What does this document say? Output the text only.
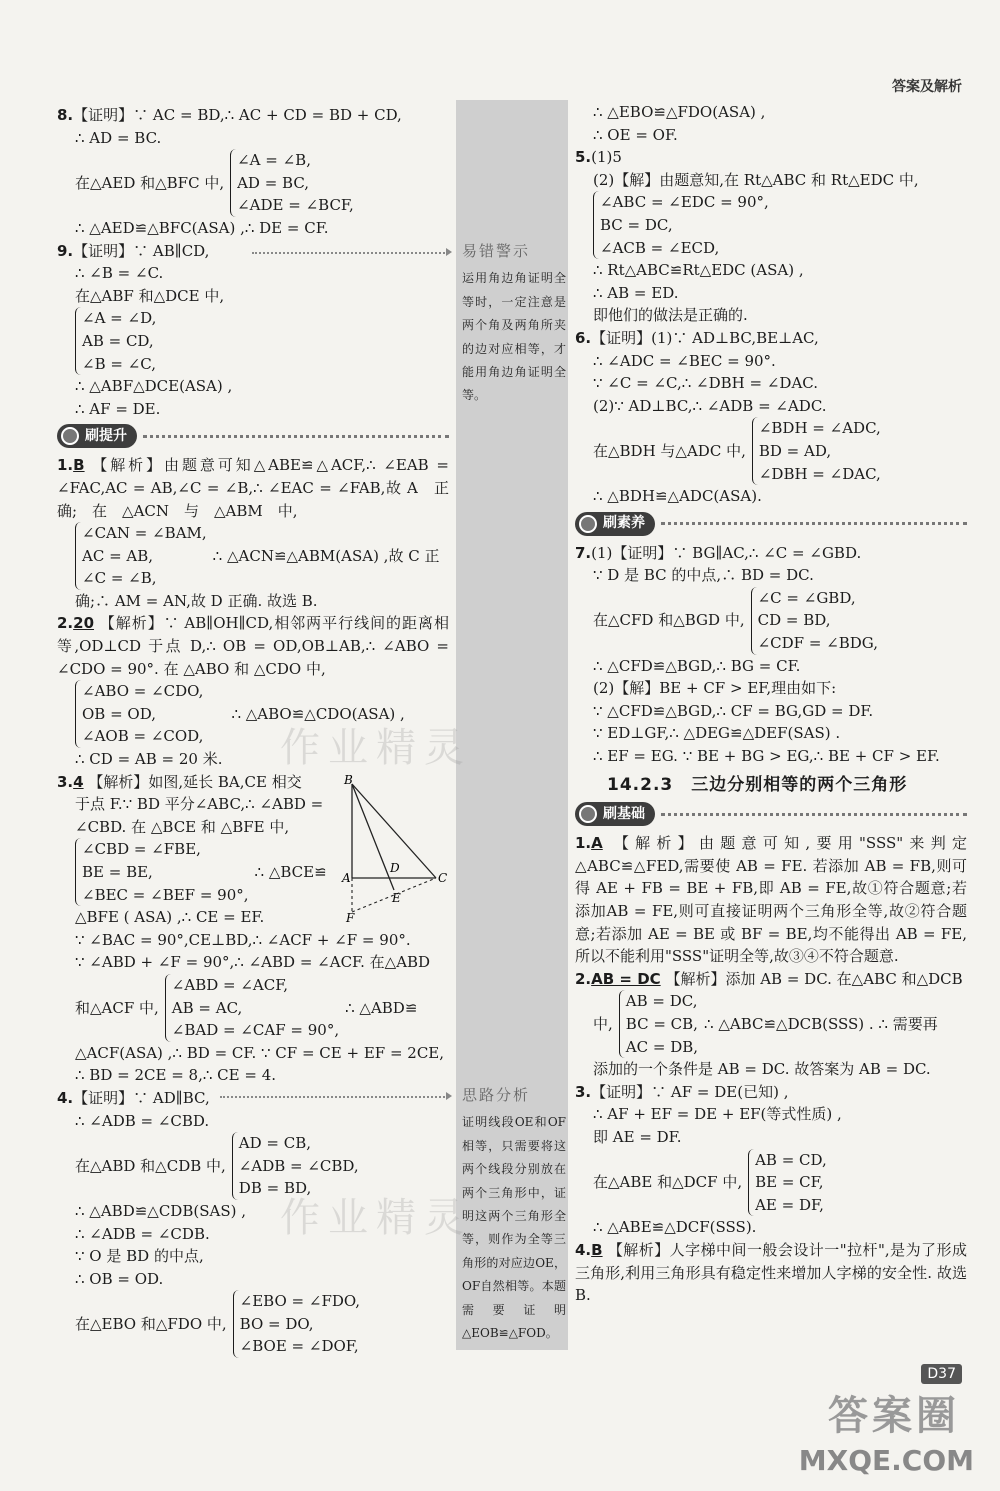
答案及解析
易错警示
运用角边角证明全等时，一定注意是两个角及两角所夹的边对应相等，才能用角边角证明全等。
思路分析
证明线段OE和OF相等，只需要将这两个线段分别放在两个三角形中，证明这两个三角形全等，则作为全等三角形的对应边OE，OF自然相等。本题需要证明△EOB≌△FOD。
B
A
D
C
E
F
8.【证明】∵ AC = BD,∴ AC + CD = BD + CD,
∴ AD = BC.
在△AED 和△BFC 中,
∠A = ∠B,
AD = BC,
∠ADE = ∠BCF,
∴ △AED≌△BFC(ASA) ,∴ DE = CF.
9.【证明】∵ AB∥CD,
∴ ∠B = ∠C.
在△ABF 和△DCE 中,
∠A = ∠D,
AB = CD,
∠B = ∠C,
∴ △ABF△DCE(ASA) ,
∴ AF = DE.
刷提升
1.B 【解析】由题意可知△ABE≌△ACF,∴ ∠EAB = ∠FAC,AC = AB,∠C = ∠B,∴ ∠EAC = ∠FAB,故 A　正　确;　在　△ACN　与　△ABM　中,
∠CAN = ∠BAM,
AC = AB,
∠C = ∠B,
∴ △ACN≌△ABM(ASA) ,故 C 正
确;∴ AM = AN,故 D 正确. 故选 B.
2.20 【解析】∵ AB∥OH∥CD,相邻两平行线间的距离相等,OD⊥CD 于点 D,∴ OB = OD,OB⊥AB,∴ ∠ABO = ∠CDO = 90°. 在 △ABO 和 △CDO 中,
∠ABO = ∠CDO,
OB = OD,
∠AOB = ∠COD,
∴ △ABO≌△CDO(ASA) ,
∴ CD = AB = 20 米.
3.4 【解析】如图,延长 BA,CE 相交
于点 F.∵ BD 平分∠ABC,∴ ∠ABD =
∠CBD. 在 △BCE 和 △BFE 中,
∠CBD = ∠FBE,
BE = BE,
∠BEC = ∠BEF = 90°,
∴ △BCE≌
△BFE ( ASA) ,∴ CE = EF.
∵ ∠BAC = 90°,CE⊥BD,∴ ∠ACF + ∠F = 90°.
∵ ∠ABD + ∠F = 90°,∴ ∠ABD = ∠ACF. 在△ABD
和△ACF 中,
∠ABD = ∠ACF,
AB = AC,
∠BAD = ∠CAF = 90°,
∴ △ABD≌
△ACF(ASA) ,∴ BD = CF. ∵ CF = CE + EF = 2CE,
∴ BD = 2CE = 8,∴ CE = 4.
4.【证明】∵ AD∥BC,
∴ ∠ADB = ∠CBD.
在△ABD 和△CDB 中,
AD = CB,
∠ADB = ∠CBD,
DB = BD,
∴ △ABD≌△CDB(SAS) ,
∴ ∠ADB = ∠CDB.
∵ O 是 BD 的中点,
∴ OB = OD.
在△EBO 和△FDO 中,
∠EBO = ∠FDO,
BO = DO,
∠BOE = ∠DOF,
∴ △EBO≌△FDO(ASA) ,
∴ OE = OF.
5.(1)5
(2)【解】由题意知,在 Rt△ABC 和 Rt△EDC 中,
∠ABC = ∠EDC = 90°,
BC = DC,
∠ACB = ∠ECD,
∴ Rt△ABC≌Rt△EDC (ASA) ,
∴ AB = ED.
即他们的做法是正确的.
6.【证明】(1)∵ AD⊥BC,BE⊥AC,
∴ ∠ADC = ∠BEC = 90°.
∵ ∠C = ∠C,∴ ∠DBH = ∠DAC.
(2)∵ AD⊥BC,∴ ∠ADB = ∠ADC.
在△BDH 与△ADC 中,
∠BDH = ∠ADC,
BD = AD,
∠DBH = ∠DAC,
∴ △BDH≌△ADC(ASA).
刷素养
7.(1)【证明】∵ BG∥AC,∴ ∠C = ∠GBD.
∵ D 是 BC 的中点,∴ BD = DC.
在△CFD 和△BGD 中,
∠C = ∠GBD,
CD = BD,
∠CDF = ∠BDG,
∴ △CFD≌△BGD,∴ BG = CF.
(2)【解】BE + CF > EF,理由如下:
∵ △CFD≌△BGD,∴ CF = BG,GD = DF.
∵ ED⊥GF,∴ △DEG≌△DEF(SAS) .
∴ EF = EG. ∵ BE + BG > EG,∴ BE + CF > EF.
14.2.3　三边分别相等的两个三角形
刷基础
1.A 【解析】由题意可知,要用"SSS"来判定△ABC≌△FED,需要使 AB = FE. 若添加 AB = FB,则可得 AE + FB = BE + FB,即 AB = FE,故①符合题意;若添加AB = FE,则可直接证明两个三角形全等,故②符合题意;若添加 AE = BE 或 BF = BE,均不能得出 AB = FE,所以不能利用"SSS"证明全等,故③④不符合题意.
2.AB = DC 【解析】添加 AB = DC. 在△ABC 和△DCB
中,
AB = DC,
BC = CB,
AC = DB,
∴ △ABC≌△DCB(SSS) . ∴ 需要再
添加的一个条件是 AB = DC. 故答案为 AB = DC.
3.【证明】∵ AF = DE(已知) ,
∴ AF + EF = DE + EF(等式性质) ,
即 AE = DF.
在△ABE 和△DCF 中,
AB = CD,
BE = CF,
AE = DF,
∴ △ABE≌△DCF(SSS).
4.B 【解析】人字梯中间一般会设计一"拉杆",是为了形成三角形,利用三角形具有稳定性来增加人字梯的安全性. 故选 B.
作业精灵
作业精灵
D37
答案圈
MXQE.COM
